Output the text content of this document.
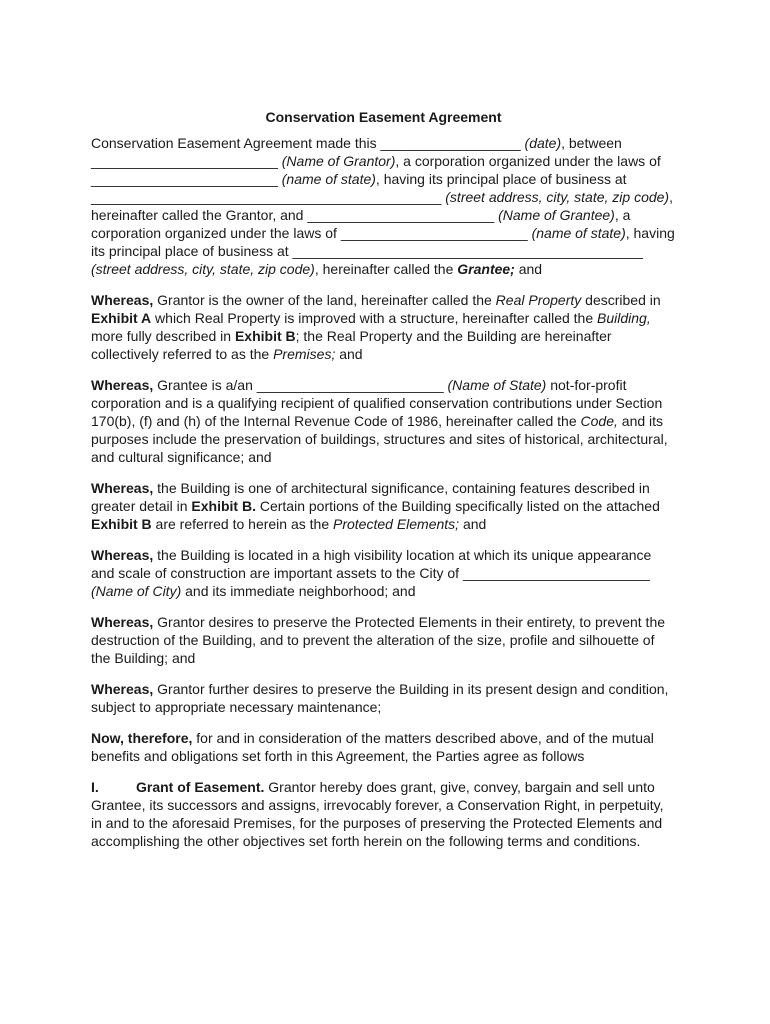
Conservation Easement Agreement

Conservation Easement Agreement made this __________________ (date), between ________________________ (Name of Grantor), a corporation organized under the laws of ________________________ (name of state), having its principal place of business at _____________________________________________ (street address, city, state, zip code), hereinafter called the Grantor, and ________________________ (Name of Grantee), a corporation organized under the laws of ________________________ (name of state), having its principal place of business at _____________________________________________ (street address, city, state, zip code), hereinafter called the Grantee; and

Whereas, Grantor is the owner of the land, hereinafter called the Real Property described in Exhibit A which Real Property is improved with a structure, hereinafter called the Building, more fully described in Exhibit B; the Real Property and the Building are hereinafter collectively referred to as the Premises; and

Whereas, Grantee is a/an ________________________ (Name of State) not-for-profit corporation and is a qualifying recipient of qualified conservation contributions under Section 170(b), (f) and (h) of the Internal Revenue Code of 1986, hereinafter called the Code, and its purposes include the preservation of buildings, structures and sites of historical, architectural, and cultural significance; and

Whereas, the Building is one of architectural significance, containing features described in greater detail in Exhibit B. Certain portions of the Building specifically listed on the attached Exhibit B are referred to herein as the Protected Elements; and

Whereas, the Building is located in a high visibility location at which its unique appearance and scale of construction are important assets to the City of ________________________ (Name of City) and its immediate neighborhood; and

Whereas, Grantor desires to preserve the Protected Elements in their entirety, to prevent the destruction of the Building, and to prevent the alteration of the size, profile and silhouette of the Building; and

Whereas, Grantor further desires to preserve the Building in its present design and condition, subject to appropriate necessary maintenance;

Now, therefore, for and in consideration of the matters described above, and of the mutual benefits and obligations set forth in this Agreement, the Parties agree as follows

I.	Grant of Easement. Grantor hereby does grant, give, convey, bargain and sell unto Grantee, its successors and assigns, irrevocably forever, a Conservation Right, in perpetuity, in and to the aforesaid Premises, for the purposes of preserving the Protected Elements and accomplishing the other objectives set forth herein on the following terms and conditions.
